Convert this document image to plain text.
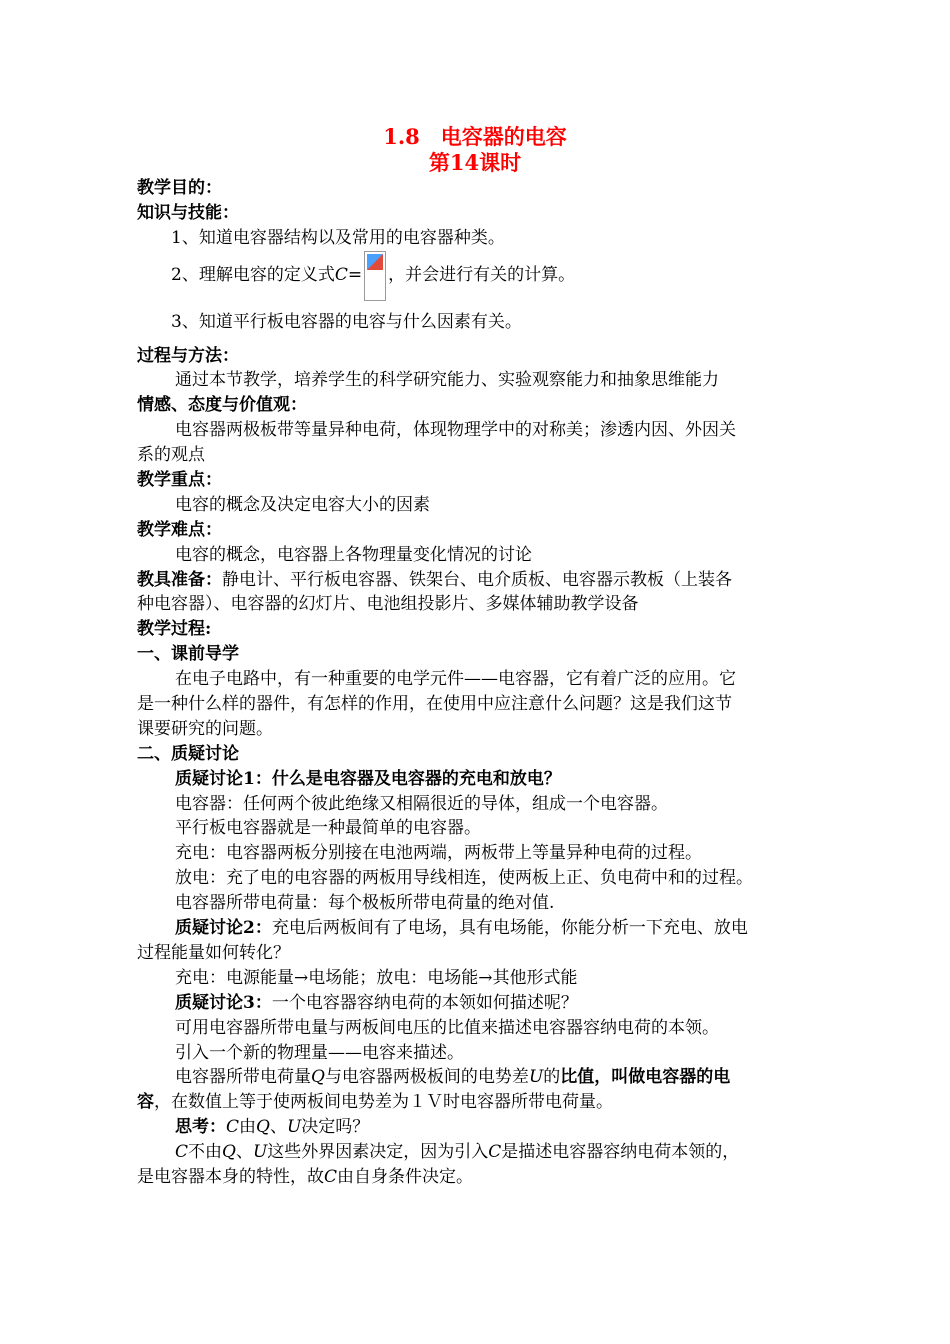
1.8　电容器的电容
第14课时
教学目的：
知识与技能：
1、知道电容器结构以及常用的电容器种类。
2、理解电容的定义式 C = ，并会进行有关的计算。
3、知道平行板电容器的电容与什么因素有关。
过程与方法：
通过本节教学，培养学生的科学研究能力、实验观察能力和抽象思维能力
情感、态度与价值观：
电容器两极板带等量异种电荷，体现物理学中的对称美；渗透内因、外因关
系的观点
教学重点：
电容的概念及决定电容大小的因素
教学难点：
电容的概念，电容器上各物理量变化情况的讨论
教具准备：静电计、平行板电容器、铁架台、电介质板、电容器示教板（上装各
种电容器）、电容器的幻灯片、电池组投影片、多媒体辅助教学设备
教学过程:
一、课前导学
在电子电路中，有一种重要的电学元件——电容器，它有着广泛的应用。它
是一种什么样的器件，有怎样的作用，在使用中应注意什么问题？这是我们这节
课要研究的问题。
二、质疑讨论
质疑讨论1：什么是电容器及电容器的充电和放电？
电容器：任何两个彼此绝缘又相隔很近的导体，组成一个电容器。
平行板电容器就是一种最简单的电容器。
充电：电容器两板分别接在电池两端，两板带上等量异种电荷的过程。
放电：充了电的电容器的两板用导线相连，使两板上正、负电荷中和的过程。
电容器所带电荷量：每个极板所带电荷量的绝对值.
质疑讨论2：充电后两板间有了电场，具有电场能，你能分析一下充电、放电
过程能量如何转化？
充电：电源能量→电场能；放电：电场能→其他形式能
质疑讨论3：一个电容器容纳电荷的本领如何描述呢？
可用电容器所带电量与两板间电压的比值来描述电容器容纳电荷的本领。
引入一个新的物理量——电容来描述。
电容器所带电荷量Q与电容器两极板间的电势差U的比值，叫做电容器的电
容，在数值上等于使两板间电势差为１Ｖ时电容器所带电荷量。
思考：C由Q、U决定吗？
C不由Q、U这些外界因素决定，因为引入C是描述电容器容纳电荷本领的，
是电容器本身的特性，故C由自身条件决定。
